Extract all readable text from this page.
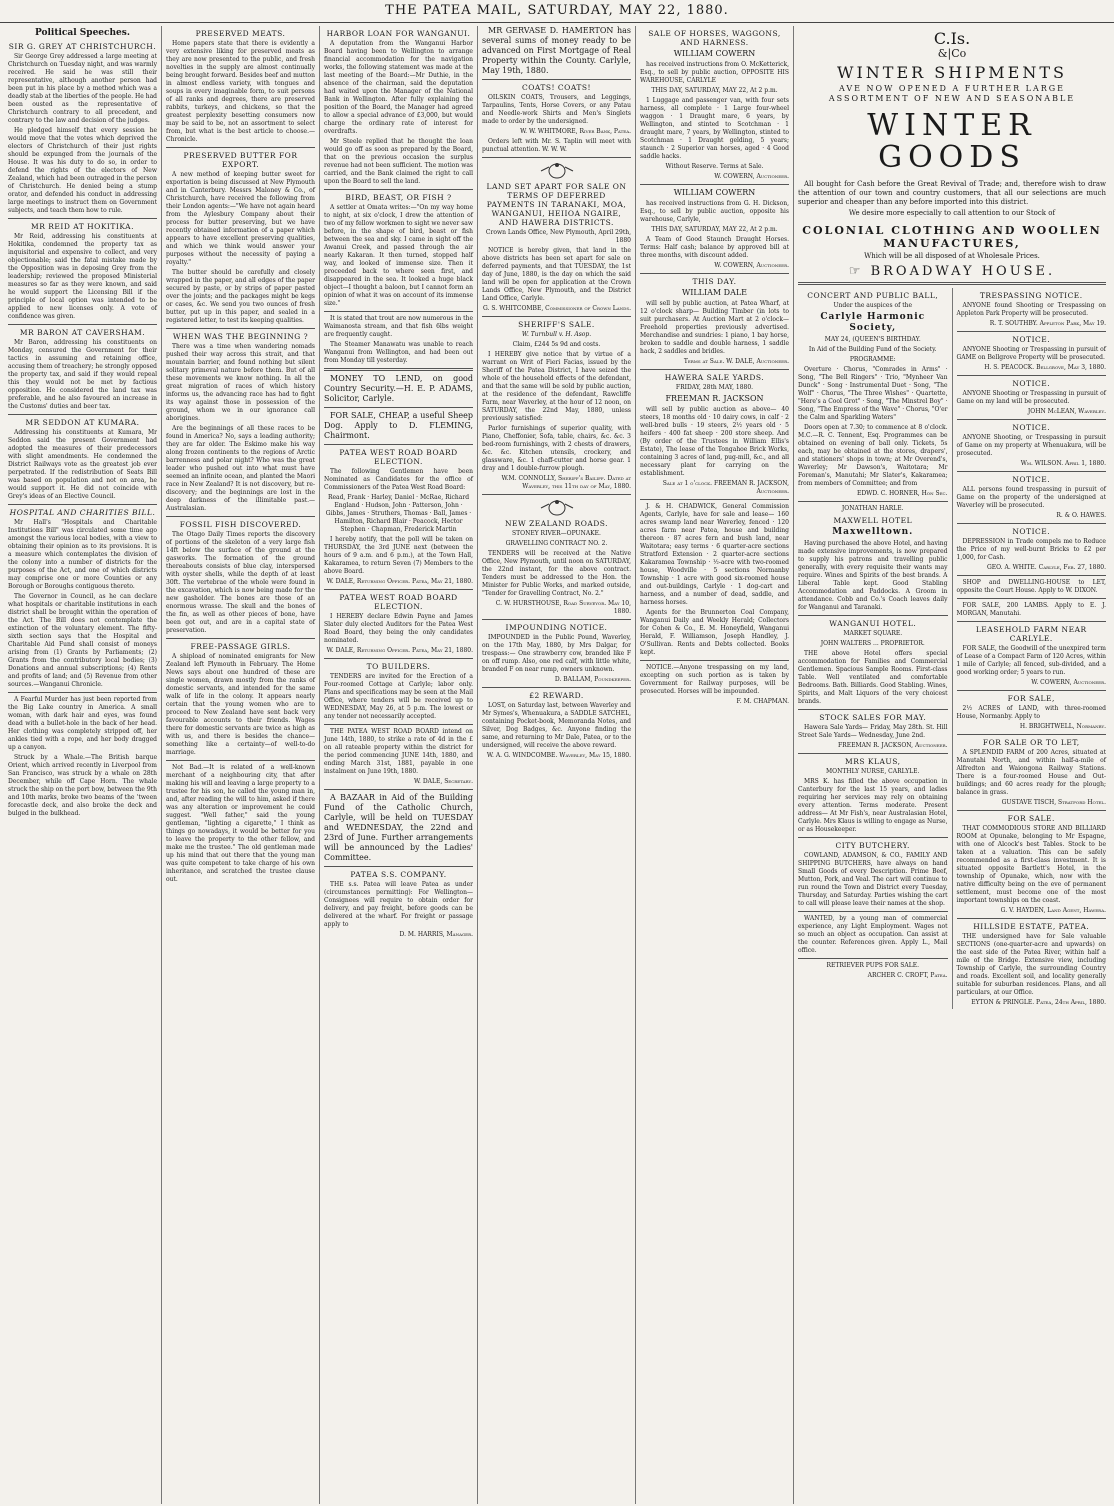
THE PATEA MAIL, SATURDAY, MAY 22, 1880.
Political Speeches.
SIR G. GREY AT CHRISTCHURCH.

Sir George Grey addressed a large meeting at Christchurch on Tuesday night, and was warmly received. He said he was still their representative, although another person had been put in his place by a method which was a deadly stab at the liberties of the people. He had been ousted as the representative of Christchurch contrary to all precedent, and contrary to the law and decision of the judges.

He pledged himself that every session he would move that the votes which deprived the electors of Christchurch of their just rights should be expunged from the journals of the House. It was his duty to do so, in order to defend the rights of the electors of New Zealand, which had been outraged in the person of Christchurch. He denied being a stump orator, and defended his conduct in addressing large meetings to instruct them on Government subjects, and teach them how to rule.

MR REID AT HOKITIKA.

Mr Reid, addressing his constituents at Hokitika, condemned the property tax as inquisitorial and expensive to collect, and very objectionable; said the fatal mistake made by the Opposition was in deposing Grey from the leadership; reviewed the proposed Ministerial measures so far as they were known, and said he would support the Licensing Bill if the principle of local option was intended to be applied to new licenses only. A vote of confidence was given.

MR BARON AT CAVERSHAM.

Mr Baron, addressing his constituents on Monday, censured the Government for their tactics in assuming and retaining office, accusing them of treachery; he strongly opposed the property tax, and said if they would repeal this they would not be met by factious opposition. He considered the land tax was preferable, and he also favoured an increase in the Customs' duties and beer tax.

MR SEDDON AT KUMARA.

Addressing his constituents at Kumara, Mr Seddon said the present Government had adopted the measures of their predecessors with slight amendments. He condemned the District Railways vote as the greatest job ever perpetrated. If the redistribution of Seats Bill was based on population and not on area, he would support it. He did not coincide with Grey's ideas of an Elective Council.

HOSPITAL AND CHARITIES BILL.

Mr Hall's "Hospitals and Charitable Institutions Bill" was circulated some time ago amongst the various local bodies, with a view to obtaining their opinion as to its provisions. It is a measure which contemplates the division of the colony into a number of districts for the purposes of the Act, and one of which districts may comprise one or more Counties or any Borough or Boroughs contiguous thereto.

The Governor in Council, as he can declare what hospitals or charitable institutions in each district shall be brought within the operation of the Act. The Bill does not contemplate the extinction of the voluntary element. The fifty-sixth section says that the Hospital and Charitable Aid Fund shall consist of moneys arising from (1) Grants by Parliaments; (2) Grants from the contributory local bodies; (3) Donations and annual subscriptions; (4) Rents and profits of land; and (5) Revenue from other sources.—Wanganui Chronicle.

A Fearful Murder has just been reported from the Big Lake country in America. A small woman, with dark hair and eyes, was found dead with a bullet-hole in the back of her head. Her clothing was completely stripped off, her ankles tied with a rope, and her body dragged up a canyon.

Struck by a Whale.—The British barque Orient, which arrived recently in Liverpool from San Francisco, was struck by a whale on 28th December, while off Cape Horn. The whale struck the ship on the port bow, between the 9th and 10th marks, broke two beams of the 'tween forecastle deck, and also broke the deck and bulged in the bulkhead.

PRESERVED MEATS.

Home papers state that there is evidently a very extensive liking for preserved meats as they are now presented to the public, and fresh novelties in the supply are almost continually being brought forward. Besides beef and mutton in almost endless variety, with tongues and soups in every imaginable form, to suit persons of all ranks and degrees, there are preserved rabbits, turkeys, and chickens, so that the greatest perplexity besetting consumers now may be said to be, not an assortment to select from, but what is the best article to choose.—Chronicle.

PRESERVED BUTTER FOR EXPORT.

A new method of keeping butter sweet for exportation is being discussed at New Plymouth and in Canterbury. Messrs Maloney & Co., of Christchurch, have received the following from their London agents:—"We have not again heard from the Aylesbury Company about their process for butter preserving, but we have recently obtained information of a paper which appears to have excellent preserving qualities, and which we think would answer your purposes without the necessity of paying a royalty."

The butter should be carefully and closely wrapped in the paper, and all edges of the paper secured by paste, or by strips of paper pasted over the joints; and the packages might be kegs or cases, &c. We send you two ounces of fresh butter, put up in this paper, and sealed in a registered letter, to test its keeping qualities.

WHEN WAS THE BEGINNING ?

There was a time when wandering nomads pushed their way across this strait, and that mountain barrier, and found nothing but silent solitary primeval nature before them. But of all these movements we know nothing. In all the great migration of races of which history informs us, the advancing race has had to fight its way against those in possession of the ground, whom we in our ignorance call aborigines.

Are the beginnings of all these races to be found in America? No, says a leading authority; they are far older. The Eskimo make his way along frozen continents to the regions of Arctic barrenness and polar night? Who was the great leader who pushed out into what must have seemed an infinite ocean, and planted the Maori race in New Zealand? It is not discovery, but re-discovery; and the beginnings are lost in the deep darkness of the illimitable past.—Australasian.

FOSSIL FISH DISCOVERED.

The Otago Daily Times reports the discovery of portions of the skeleton of a very large fish 14ft below the surface of the ground at the gasworks. The formation of the ground thereabouts consists of blue clay, interspersed with oyster shells, while the depth of at least 30ft. The vertebrae of the whole were found in the excavation, which is now being made for the new gasholder. The bones are those of an enormous wrasse. The skull and the bones of the fin, as well as other pieces of bone, have been got out, and are in a capital state of preservation.

FREE-PASSAGE GIRLS.

A shipload of nominated emigrants for New Zealand left Plymouth in February. The Home News says about one hundred of these are single women, drawn mostly from the ranks of domestic servants, and intended for the same walk of life in the colony. It appears nearly certain that the young women who are to proceed to New Zealand have sent back very favourable accounts to their friends. Wages there for domestic servants are twice as high as with us, and there is besides the chance—something like a certainty—of well-to-do marriage.

Not Bad.—It is related of a well-known merchant of a neighbouring city, that after making his will and leaving a large property to a trustee for his son, he called the young man in, and, after reading the will to him, asked if there was any alteration or improvement he could suggest. "Well father," said the young gentleman, "lighting a cigarette," I think as things go nowadays, it would be better for you to leave the property to the other fellow, and make me the trustee." The old gentleman made up his mind that out there that the young man was quite competent to take charge of his own inheritance, and scratched the trustee clause out.

HARBOR LOAN FOR WANGANUI.

A deputation from the Wanganui Harbor Board having been to Wellington to arrange financial accommodation for the navigation works, the following statement was made at the last meeting of the Board:—Mr Duthie, in the absence of the chairman, said the deputation had waited upon the Manager of the National Bank in Wellington. After fully explaining the position of the Board, the Manager had agreed to allow a special advance of £3,000, but would charge the ordinary rate of interest for overdrafts.

Mr Steele replied that he thought the loan would go off as soon as prepared by the Board, that on the previous occasion the surplus revenue had not been sufficient. The motion was carried, and the Bank claimed the right to call upon the Board to sell the land.

BIRD, BEAST, OR FISH ?

A settler at Omata writes:—"On my way home to night, at six o'clock, I drew the attention of two of my fellow workmen to sight we never saw before, in the shape of bird, beast or fish between the sea and sky. I came in sight off the Awanui Creek, and passed through the air nearly Kakaran. It then turned, stopped half way, and looked of immense size. Then it proceeded back to where seen first, and disappeared in the sea. It looked a huge black object—I thought a baloon, but I cannot form an opinion of what it was on account of its immense size."

It is stated that trout are now numerous in the Waimanosta stream, and that fish 6lbs weight are frequently caught.

The Steamer Manawatu was unable to reach Wanganui from Wellington, and had been out from Monday till yesterday.

MONEY TO LEND, on good Country Security.—H. E. P. ADAMS, Solicitor, Carlyle.

FOR SALE, CHEAP, a useful Sheep Dog. Apply to D. FLEMING, Chairmont.

PATEA WEST ROAD BOARD ELECTION.

The following Gentlemen have been Nominated as Candidates for the office of Commissioners of the Patea West Road Board:

Read, Frank · Harley, Daniel · McRae, Richard England · Hudson, John · Patterson, John · Gibbs, James · Struthers, Thomas · Ball, James · Hamilton, Richard Blair · Peacock, Hector Stephen · Chapman, Frederick Martin

I hereby notify, that the poll will be taken on THURSDAY, the 3rd JUNE next (between the hours of 9 a.m. and 6 p.m.), at the Town Hall, Kakaramea, to return Seven (7) Members to the above Board.

W. DALE, Returning Officer. Patea, May 21, 1880.

PATEA WEST ROAD BOARD ELECTION.

I HEREBY declare Edwin Payne and James Slater duly elected Auditors for the Patea West Road Board, they being the only candidates nominated.

W. DALE, Returning Officer. Patea, May 21, 1880.

TO BUILDERS.

TENDERS are invited for the Erection of a Four-roomed Cottage at Carlyle; labor only. Plans and specifications may be seen at the Mail Office, where tenders will be received up to WEDNESDAY, May 26, at 5 p.m. The lowest or any tender not necessarily accepted.

THE PATEA WEST ROAD BOARD intend on June 14th, 1880, to strike a rate of 4d in the £ on all rateable property within the district for the period commencing JUNE 14th, 1880, and ending March 31st, 1881, payable in one instalment on June 19th, 1880.

W. DALE, Secretary.

A BAZAAR in Aid of the Building Fund of the Catholic Church, Carlyle, will be held on TUESDAY and WEDNESDAY, the 22nd and 23rd of June. Further arrangements will be announced by the Ladies' Committee.

PATEA S.S. COMPANY.

THE s.s. Patea will leave Patea as under (circumstances permitting): For Wellington— Consignees will require to obtain order for delivery, and pay freight, before goods can be delivered at the wharf. For freight or passage apply to

D. M. HARRIS, Manager.

MR GERVASE D. HAMERTON has several sums of money ready to be advanced on First Mortgage of Real Property within the County. Carlyle, May 19th, 1880.

COATS! COATS!

OILSKIN COATS, Trousers, and Leggings, Tarpaulins, Tents, Horse Covers, or any Patau and Needle-work Shirts and Men's Singlets made to order by the undersigned.

W. W. WHITMORE, River Bank, Patea.

Orders left with Mr. S. Taplin will meet with punctual attention. W. W. W.

LAND SET APART FOR SALE ON TERMS OF DEFERRED PAYMENTS IN TARANAKI, MOA, WANGANUI, HEIIOA NGAIRE, AND HAWERA DISTRICTS.

Crown Lands Office, New Plymouth, April 29th, 1880

NOTICE is hereby given, that land in the above districts has been set apart for sale on deferred payments, and that TUESDAY, the 1st day of June, 1880, is the day on which the said land will be open for application at the Crown Lands Office, New Plymouth, and the District Land Office, Carlyle.

G. S. WHITCOMBE, Commissioner of Crown Lands.

SHERIFF'S SALE.

W. Turnbull v. H. Asop.

Claim, £244 5s 9d and costs.

I HEREBY give notice that by virtue of a warrant on Writ of Fieri Facias, issued by the Sheriff of the Patea District, I have seized the whole of the household effects of the defendant, and that the same will be sold by public auction, at the residence of the defendant, Rawcliffe Farm, near Waverley, at the hour of 12 noon, on SATURDAY, the 22nd May, 1880, unless previously satisfied:

Parlor furnishings of superior quality, with Piano, Cheffonier, Sofa, table, chairs, &c. &c. 3 bed-room furnishings, with 2 chests of drawers, &c. &c. Kitchen utensils, crockery, and glassware, &c. 1 chaff-cutter and horse gear. 1 dray and 1 double-furrow plough.

W.M. CONNOLLY, Sheriff's Bailiff. Dated at Waverley, this 11th day of May, 1880.

NEW ZEALAND ROADS.

STONEY RIVER—OPUNAKE.

GRAVELLING CONTRACT NO. 2.

TENDERS will be received at the Native Office, New Plymouth, until noon on SATURDAY, the 22nd instant, for the above contract. Tenders must be addressed to the Hon. the Minister for Public Works, and marked outside, "Tender for Gravelling Contract, No. 2."

C. W. HURSTHOUSE, Road Surveyor. May 10, 1880.

IMPOUNDING NOTICE.

IMPOUNDED in the Public Pound, Waverley, on the 17th May, 1880, by Mrs Dalgar, for trespass:— One strawberry cow, branded like F on off rump. Also, one red calf, with little white, branded F on near rump, owners unknown.

D. BALLAM, Poundkeeper.

£2 REWARD.

LOST, on Saturday last, between Waverley and Mr Symes's, Whenuakura, a SADDLE SATCHEL, containing Pocket-book, Memoranda Notes, and Silver, Dog Badges, &c. Anyone finding the same, and returning to Mr Dale, Patea, or to the undersigned, will receive the above reward.

W. A. G. WINDCOMBE. Waverley, May 15, 1880.

SALE OF HORSES, WAGGONS, AND HARNESS.

WILLIAM COWERN

has received instructions from O. McKetterick, Esq., to sell by public auction, OPPOSITE HIS WAREHOUSE, CARLYLE

THIS DAY, SATURDAY, MAY 22, At 2 p.m.

1 Luggage and passenger van, with four sets harness, all complete · 1 Large four-wheel waggon · 1 Draught mare, 6 years, by Wellington, and stinted to Scotchman · 1 draught mare, 7 years, by Wellington, stinted to Scotchman · 1 Draught gelding, 5 years; staunch · 2 Superior van horses, aged · 4 Good saddle hacks.

Without Reserve. Terms at Sale.

W. COWERN, Auctioneer.

WILLIAM COWERN

has received instructions from G. H. Dickson, Esq., to sell by public auction, opposite his warehouse, Carlyle,

THIS DAY, SATURDAY, MAY 22, At 2 p.m.

A Team of Good Staunch Draught Horses. Terms: Half cash; balance by approved bill at three months, with discount added.

W. COWERN, Auctioneer.

THIS DAY.

WILLIAM DALE

will sell by public auction, at Patea Wharf, at 12 o'clock sharp— Building Timber (in lots to suit purchasers. At Auction Mart at 2 o'clock— Freehold properties previously advertised. Merchandise and sundries: 1 piano, 1 bay horse, broken to saddle and double harness, 1 saddle hack, 2 saddles and bridles.

Terms at Sale. W. DALE, Auctioneer.

HAWERA SALE YARDS.

FRIDAY, 28th MAY, 1880.

FREEMAN R. JACKSON

will sell by public auction as above— 40 steers, 18 months old · 10 dairy cows, in calf · 2 well-bred bulls · 19 steers, 2½ years old · 5 heifers · 400 fat sheep · 200 store sheep. And (By order of the Trustees in William Ellis's Estate), The lease of the Tongahoe Brick Works, containing 3 acres of land, pug-mill, &c., and all necessary plant for carrying on the establishment.

Sale at 1 o'clock. FREEMAN R. JACKSON, Auctioneer.

J. & H. CHADWICK, General Commission Agents, Carlyle, have for sale and lease— 160 acres swamp land near Waverley, fenced · 120 acres farm near Patea, house and building thereon · 87 acres fern and bush land, near Waitotara; easy terms · 6 quarter-acre sections Stratford Extension · 2 quarter-acre sections Kakaramea Township · ½-acre with two-roomed house, Woodville · 5 sections Normanby Township · 1 acre with good six-roomed house and out-buildings, Carlyle · 1 dog-cart and harness, and a number of dead, saddle, and harness horses.

Agents for the Brunnerton Coal Company, Wanganui Daily and Weekly Herald; Collectors for Cohen & Co., E. M. Honeyfield, Wanganui Herald, F. Williamson, Joseph Handley, J. O'Sullivan. Rents and Debts collected. Books kept.

NOTICE.—Anyone trespassing on my land, excepting on such portion as is taken by Government for Railway purposes, will be prosecuted. Horses will be impounded.

F. M. CHAPMAN.

C.Is.
&|Co
WINTER SHIPMENTS
AVE NOW OPENED A FURTHER LARGE ASSORTMENT OF NEW AND SEASONABLE
WINTER GOODS

All bought for Cash before the Great Revival of Trade; and, therefore wish to draw the attention of our town and country customers, that all our selections are much superior and cheaper than any before imported into this district.

We desire more especially to call attention to our Stock of

COLONIAL CLOTHING AND WOOLLEN MANUFACTURES,

Which will be all disposed of at Wholesale Prices.

☞ BROADWAY HOUSE.
CONCERT AND PUBLIC BALL,

Under the auspices of the

Carlyle Harmonic Society,

MAY 24, (QUEEN'S BIRTHDAY.

In Aid of the Building Fund of the Society.

PROGRAMME:

Overture · Chorus, "Comrades in Arms" · Song, "The Bell Ringers" · Trio, "Mynheer Van Dunck" · Song · Instrumental Duet · Song, "The Wolf" · Chorus, "The Three Wishes" · Quartette, "Here's a Cool Grot" · Song, "The Minstrel Boy" · Song, "The Empress of the Wave" · Chorus, "O'er the Calm and Sparkling Waters"

Doors open at 7.30; to commence at 8 o'clock. M.C.—R. C. Tennent, Esq. Programmes can be obtained on evening of ball only. Tickets, 5s each, may be obtained at the stores, drapers', and stationers' shops in town; at Mr Overend's, Waverley; Mr Dawson's, Waitotara; Mr Foreman's, Manutahi; Mr Slater's, Kakaramea; from members of Committee; and from

EDWD. C. HORNER, Hon Sec.

JONATHAN HARLE.

MAXWELL HOTEL

Maxwelltown.

Having purchased the above Hotel, and having made extensive improvements, is now prepared to supply his patrons and travelling public generally, with every requisite their wants may require. Wines and Spirits of the best brands. A Liberal Table kept. Good Stabling Accommodation and Paddocks. A Groom in attendance. Cobb and Co.'s Coach leaves daily for Wanganui and Taranaki.

WANGANUI HOTEL.

MARKET SQUARE.

JOHN WALTERS ... PROPRIETOR.

THE above Hotel offers special accommodation for Families and Commercial Gentlemen. Spacious Sample Rooms. First-class Table. Well ventilated and comfortable Bedrooms. Bath. Billiards. Good Stabling. Wines, Spirits, and Malt Liquors of the very choicest brands.

STOCK SALES FOR MAY.

Hawera Sale Yards— Friday, May 28th. St. Hill Street Sale Yards— Wednesday, June 2nd.

FREEMAN R. JACKSON, Auctioneer.

MRS KLAUS,

MONTHLY NURSE, CARLYLE.

MRS K. has filled the above occupation in Canterbury for the last 15 years, and ladies requiring her services may rely on obtaining every attention. Terms moderate. Present address— At Mr Fish's, near Australasian Hotel, Carlyle. Mrs Klaus is willing to engage as Nurse, or as Housekeeper.

CITY BUTCHERY.

COWLAND, ADAMSON, & CO., FAMILY AND SHIPPING BUTCHERS, have always on hand Small Goods of every Description. Prime Beef, Mutton, Pork, and Veal. The cart will continue to run round the Town and District every Tuesday, Thursday, and Saturday. Parties wishing the cart to call will please leave their names at the shop.

WANTED, by a young man of commercial experience, any Light Employment. Wages not so much an object as occupation. Can assist at the counter. References given. Apply L., Mail office.

RETRIEVER PUPS FOR SALE.

ARCHER C. CROFT, Patea.

TRESPASSING NOTICE.

ANYONE found Shooting or Trespassing on Appleton Park Property will be prosecuted.

R. T. SOUTHBY. Appleton Park, May 19.

NOTICE.

ANYONE Shooting or Trespassing in pursuit of GAME on Bellgrove Property will be prosecuted.

H. S. PEACOCK. Bellgrove, May 3, 1880.

NOTICE.

ANYONE Shooting or Trespassing in pursuit of Game on my land will be prosecuted.

JOHN McLEAN, Waverley.

NOTICE.

ANYONE Shooting, or Trespassing in pursuit of Game on my property at Whenuakura, will be prosecuted.

Wm. WILSON. April 1, 1880.

NOTICE.

ALL persons found trespassing in pursuit of Game on the property of the undersigned at Waverley will be prosecuted.

R. & O. HAWES.

NOTICE.

DEPRESSION in Trade compels me to Reduce the Price of my well-burnt Bricks to £2 per 1,000, for Cash.

GEO. A. WHITE. Carlyle, Feb. 27, 1880.

SHOP and DWELLING-HOUSE to LET, opposite the Court House. Apply to W. DIXON.

FOR SALE, 200 LAMBS. Apply to E. J. MORGAN, Manutahi.

LEASEHOLD FARM NEAR CARLYLE.

FOR SALE, the Goodwill of the unexpired term of Lease of a Compact Farm of 120 Acres, within 1 mile of Carlyle; all fenced, sub-divided, and a good working order; 5 years to run.

W. COWERN, Auctioneer.

FOR SALE,

2½ ACRES of LAND, with three-roomed House, Normanby. Apply to

H. BRIGHTWELL, Normanby.

FOR SALE OR TO LET,

A SPLENDID FARM of 200 Acres, situated at Manutahi North, and within half-a-mile of Alfredton and Waiongona Railway Stations. There is a four-roomed House and Out-buildings; and 60 acres ready for the plough; balance in grass.

GUSTAVE TISCH, Stratford Hotel.

FOR SALE.

THAT COMMODIOUS STORE AND BILLIARD ROOM at Opunake, belonging to Mr Espagne, with one of Alcock's best Tables. Stock to be taken at a valuation. This can be safely recommended as a first-class investment. It is situated opposite Bartlett's Hotel, in the township of Opunake, which, now with the native difficulty being on the eve of permanent settlement, must become one of the most important townships on the coast.

G. V. HAYDEN, Land Agent, Hawera.

HILLSIDE ESTATE, PATEA.

THE undersigned have for Sale valuable SECTIONS (one-quarter-acre and upwards) on the east side of the Patea River, within half a mile of the Bridge. Extensive view, including Township of Carlyle, the surrounding Country and roads. Excellent soil, and locality generally suitable for suburban residences. Plans, and all particulars, at our Office.

EYTON & PRINGLE. Patea, 24th April, 1880.
